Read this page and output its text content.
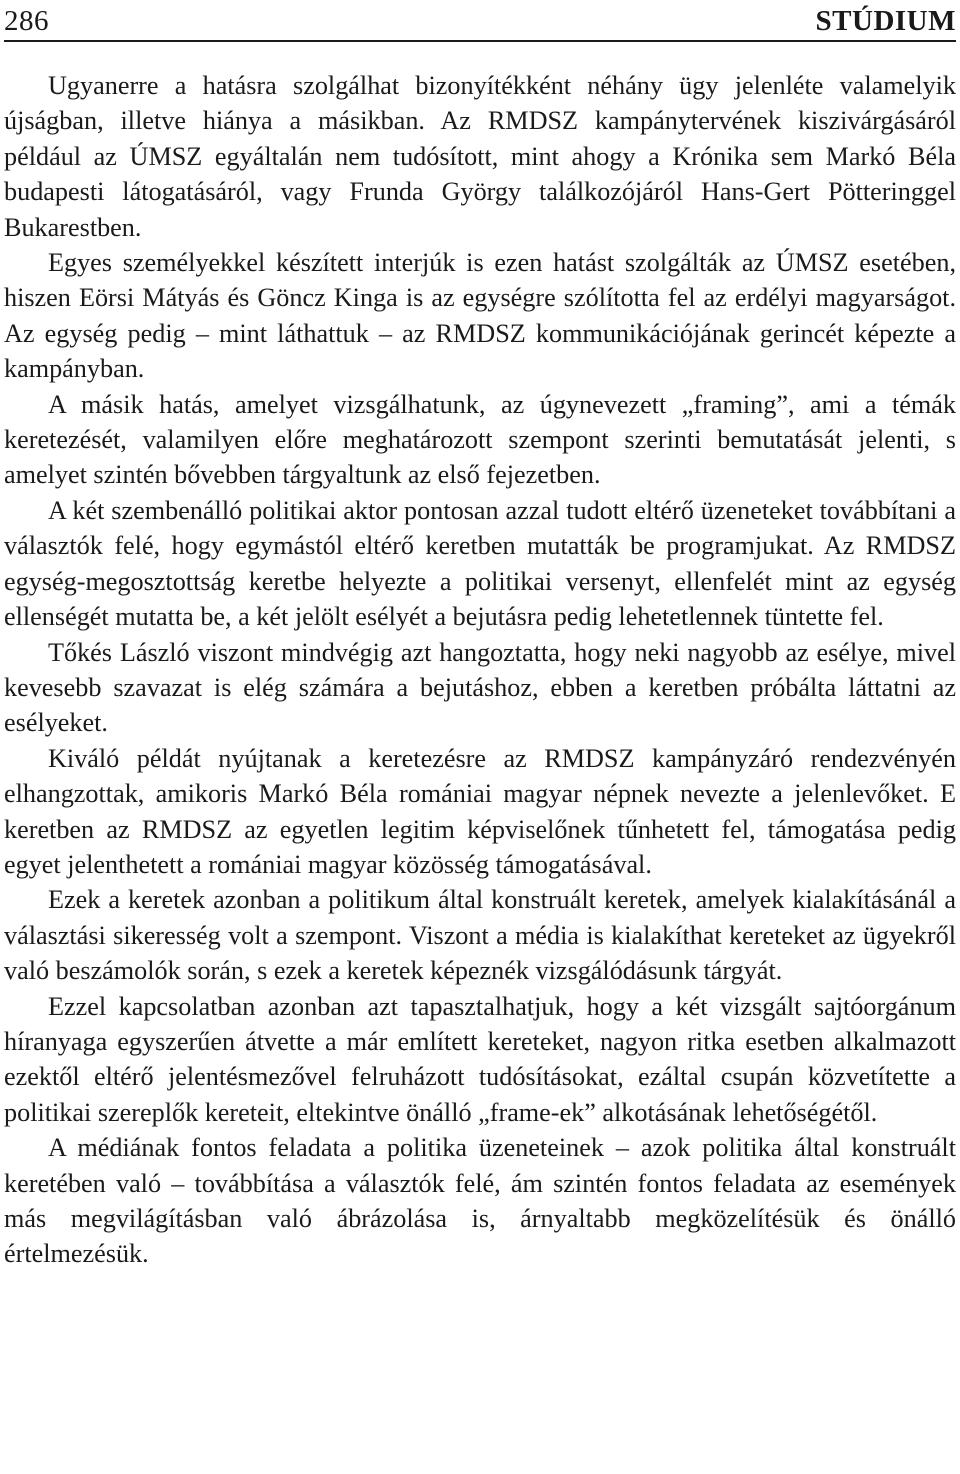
286	STÚDIUM

Ugyanerre a hatásra szolgálhat bizonyítékként néhány ügy jelenléte valamelyik újságban, illetve hiánya a másikban. Az RMDSZ kampánytervének kiszivárgásáról például az ÚMSZ egyáltalán nem tudósított, mint ahogy a Krónika sem Markó Béla budapesti látogatásáról, vagy Frunda György találkozójáról Hans-Gert Pötteringgel Bukarestben.

Egyes személyekkel készített interjúk is ezen hatást szolgálták az ÚMSZ esetében, hiszen Eörsi Mátyás és Göncz Kinga is az egységre szólította fel az erdélyi magyarságot. Az egység pedig – mint láthattuk – az RMDSZ kommunikációjának gerincét képezte a kampányban.

A másik hatás, amelyet vizsgálhatunk, az úgynevezett „framing”, ami a témák keretezését, valamilyen előre meghatározott szempont szerinti bemutatását jelenti, s amelyet szintén bővebben tárgyaltunk az első fejezetben.

A két szembenálló politikai aktor pontosan azzal tudott eltérő üzeneteket továbbítani a választók felé, hogy egymástól eltérő keretben mutatták be programjukat. Az RMDSZ egység-megosztottság keretbe helyezte a politikai versenyt, ellenfelét mint az egység ellenségét mutatta be, a két jelölt esélyét a bejutásra pedig lehetetlennek tüntette fel.

Tőkés László viszont mindvégig azt hangoztatta, hogy neki nagyobb az esélye, mivel kevesebb szavazat is elég számára a bejutáshoz, ebben a keretben próbálta láttatni az esélyeket.

Kiváló példát nyújtanak a keretezésre az RMDSZ kampányzáró rendezvényén elhangzottak, amikoris Markó Béla romániai magyar népnek nevezte a jelenlevőket. E keretben az RMDSZ az egyetlen legitim képviselőnek tűnhetett fel, támogatása pedig egyet jelenthetett a romániai magyar közösség támogatásával.

Ezek a keretek azonban a politikum által konstruált keretek, amelyek kialakításánál a választási sikeresség volt a szempont. Viszont a média is kialakíthat kereteket az ügyekről való beszámolók során, s ezek a keretek képeznék vizsgálódásunk tárgyát.

Ezzel kapcsolatban azonban azt tapasztalhatjuk, hogy a két vizsgált sajtóorgánum híranyaga egyszerűen átvette a már említett kereteket, nagyon ritka esetben alkalmazott ezektől eltérő jelentésmezővel felruházott tudósításokat, ezáltal csupán közvetítette a politikai szereplők kereteit, eltekintve önálló „frame-ek” alkotásának lehetőségétől.

A médiának fontos feladata a politika üzeneteinek – azok politika által konstruált keretében való – továbbítása a választók felé, ám szintén fontos feladata az események más megvilágításban való ábrázolása is, árnyaltabb megközelítésük és önálló értelmezésük.
